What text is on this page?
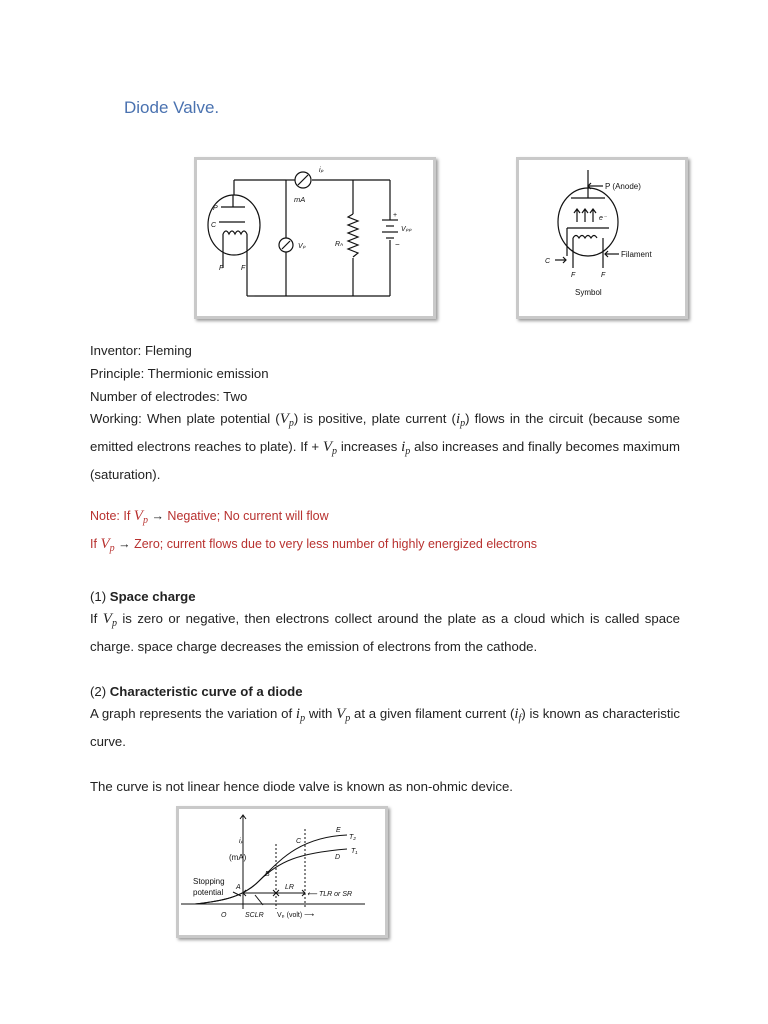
Diode Valve.
iₚ
mA
P
C
F	F
Vₚ	Rₕ
+
−
Vₚₚ
P (Anode)
e⁻
C
Filament
F	F
Symbol

Inventor: Fleming

Principle: Thermionic emission

Number of electrodes: Two

Working: When plate potential $(V_p)$ is positive, plate current $(i_p)$ flows in the circuit (because some emitted electrons reaches to plate). $If + V_p$ increases $i_p$ also increases and finally becomes maximum (saturation).
Note: If $V_p$ → Negative; No current will flow
If $V_p$ → Zero; current flows due to very less number of highly energized electrons
(1) Space charge
If $V_p$ is zero or negative, then electrons collect around the plate as a cloud which is called space charge. space charge decreases the emission of electrons from the cathode.
(2) Characteristic curve of a diode
A graph represents the variation of $i_p$ with $V_p$ at a given filament current $(i_f)$ is known as characteristic curve.
The curve is not linear hence diode valve is known as non-ohmic device.
iₚ
(mA)
Stopping
potential
A
B
C
D
E
T₂
T₁
O	SCLR Vₚ (volt) ⟶
LR
⟵ TLR or SR
